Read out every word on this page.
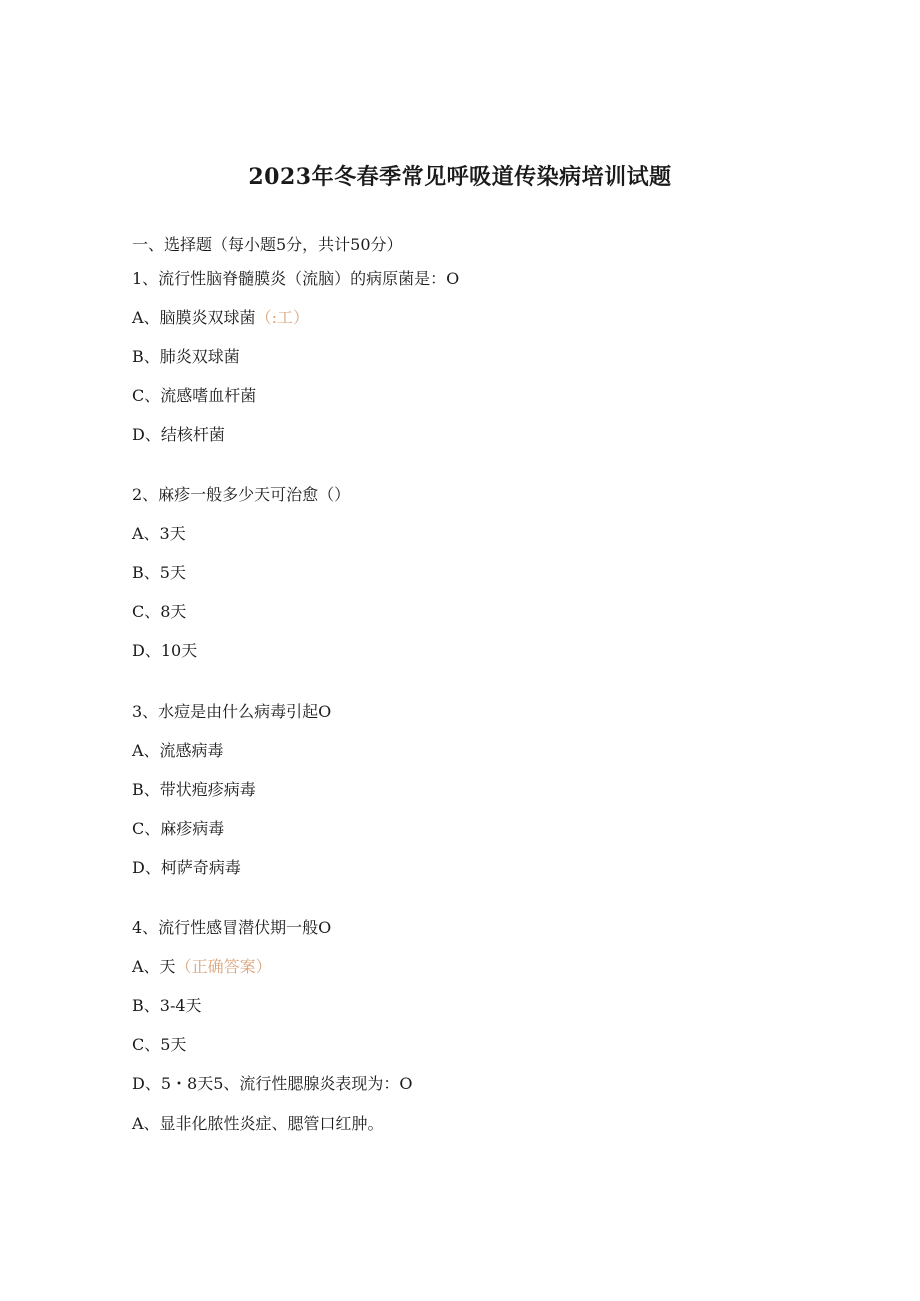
2023年冬春季常见呼吸道传染病培训试题
一、选择题（每小题5分，共计50分）
1、流行性脑脊髓膜炎（流脑）的病原菌是：O
A、脑膜炎双球菌（:工）
B、肺炎双球菌
C、流感嗜血杆菌
D、结核杆菌
2、麻疹一般多少天可治愈（）
A、3天
B、5天
C、8天
D、10天
3、水痘是由什么病毒引起O
A、流感病毒
B、带状疱疹病毒
C、麻疹病毒
D、柯萨奇病毒
4、流行性感冒潜伏期一般O
A、天（正确答案）
B、3-4天
C、5天
D、5・8天5、流行性腮腺炎表现为：O
A、显非化脓性炎症、腮管口红肿。
